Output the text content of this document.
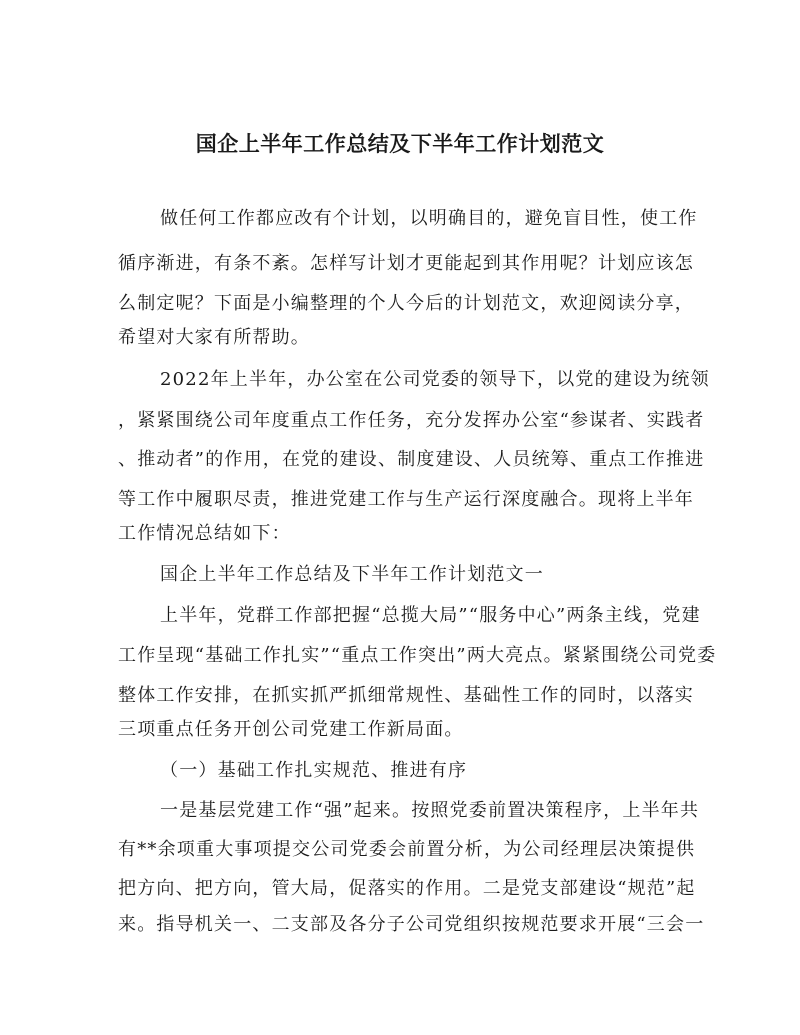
国企上半年工作总结及下半年工作计划范文
做任何工作都应改有个计划，以明确目的，避免盲目性，使工作
循序渐进，有条不紊。怎样写计划才更能起到其作用呢？计划应该怎
么制定呢？下面是小编整理的个人今后的计划范文，欢迎阅读分享，
希望对大家有所帮助。
2022年上半年，办公室在公司党委的领导下，以党的建设为统领
，紧紧围绕公司年度重点工作任务，充分发挥办公室“参谋者、实践者
、推动者”的作用，在党的建设、制度建设、人员统筹、重点工作推进
等工作中履职尽责，推进党建工作与生产运行深度融合。现将上半年
工作情况总结如下：
国企上半年工作总结及下半年工作计划范文一
上半年，党群工作部把握“总揽大局”“服务中心”两条主线，党建
工作呈现“基础工作扎实”“重点工作突出”两大亮点。紧紧围绕公司党委
整体工作安排，在抓实抓严抓细常规性、基础性工作的同时，以落实
三项重点任务开创公司党建工作新局面。
（一）基础工作扎实规范、推进有序
一是基层党建工作“强”起来。按照党委前置决策程序，上半年共
有**余项重大事项提交公司党委会前置分析，为公司经理层决策提供
把方向、把方向，管大局，促落实的作用。二是党支部建设“规范”起
来。指导机关一、二支部及各分子公司党组织按规范要求开展“三会一
